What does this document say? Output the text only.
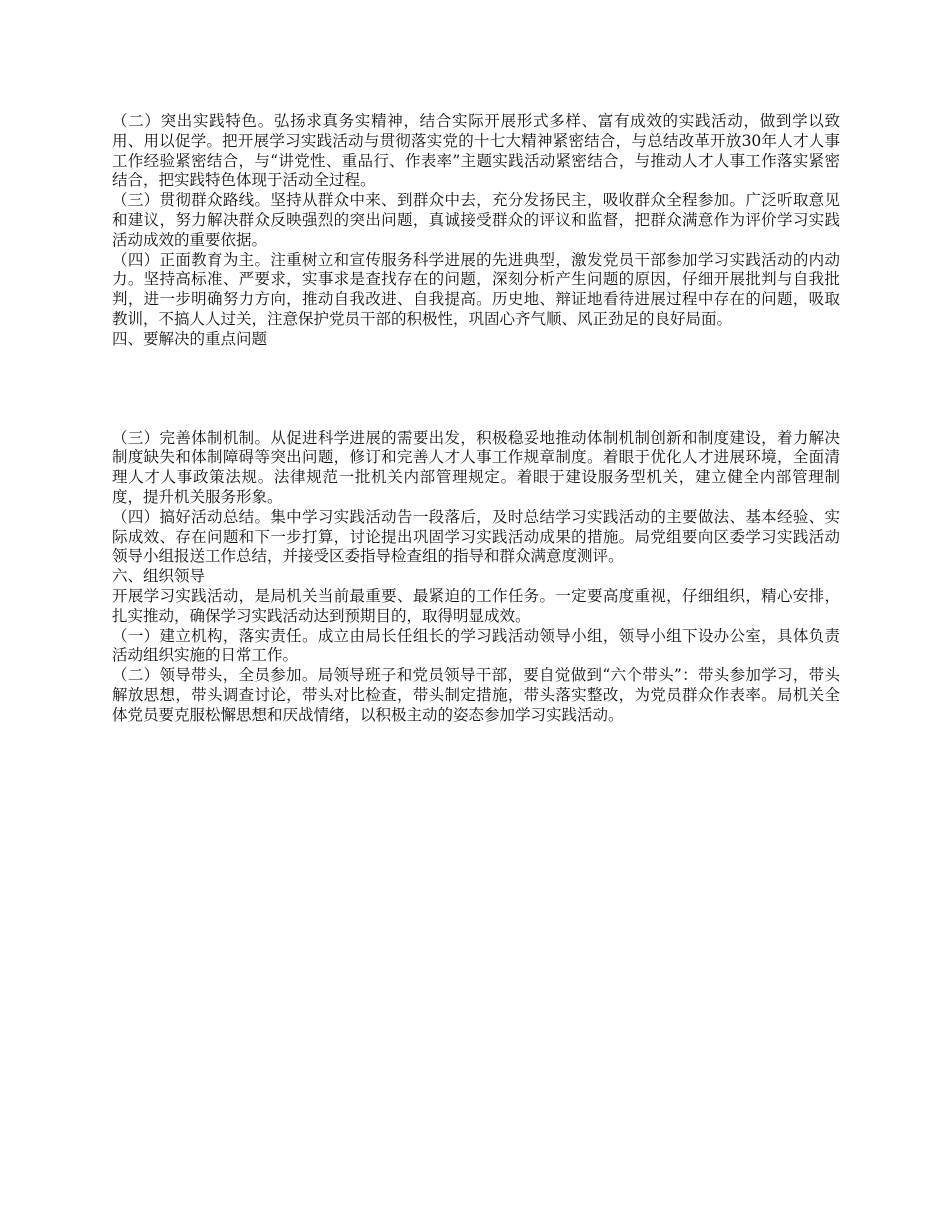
（二）突出实践特色。弘扬求真务实精神，结合实际开展形式多样、富有成效的实践活动，做到学以致用、用以促学。把开展学习实践活动与贯彻落实党的十七大精神紧密结合，与总结改革开放30年人才人事工作经验紧密结合，与“讲党性、重品行、作表率”主题实践活动紧密结合，与推动人才人事工作落实紧密结合，把实践特色体现于活动全过程。

（三）贯彻群众路线。坚持从群众中来、到群众中去，充分发扬民主，吸收群众全程参加。广泛听取意见和建议，努力解决群众反映强烈的突出问题，真诚接受群众的评议和监督，把群众满意作为评价学习实践活动成效的重要依据。

（四）正面教育为主。注重树立和宣传服务科学进展的先进典型，激发党员干部参加学习实践活动的内动力。坚持高标准、严要求，实事求是查找存在的问题，深刻分析产生问题的原因，仔细开展批判与自我批判，进一步明确努力方向，推动自我改进、自我提高。历史地、辩证地看待进展过程中存在的问题，吸取教训，不搞人人过关，注意保护党员干部的积极性，巩固心齐气顺、风正劲足的良好局面。

四、要解决的重点问题

（三）完善体制机制。从促进科学进展的需要出发，积极稳妥地推动体制机制创新和制度建设，着力解决制度缺失和体制障碍等突出问题，修订和完善人才人事工作规章制度。着眼于优化人才进展环境，全面清理人才人事政策法规。法律规范一批机关内部管理规定。着眼于建设服务型机关，建立健全内部管理制度，提升机关服务形象。

（四）搞好活动总结。集中学习实践活动告一段落后，及时总结学习实践活动的主要做法、基本经验、实际成效、存在问题和下一步打算，讨论提出巩固学习实践活动成果的措施。局党组要向区委学习实践活动领导小组报送工作总结，并接受区委指导检查组的指导和群众满意度测评。

六、组织领导

开展学习实践活动，是局机关当前最重要、最紧迫的工作任务。一定要高度重视，仔细组织，精心安排，扎实推动，确保学习实践活动达到预期目的，取得明显成效。

（一）建立机构，落实责任。成立由局长任组长的学习践活动领导小组，领导小组下设办公室，具体负责活动组织实施的日常工作。

（二）领导带头，全员参加。局领导班子和党员领导干部，要自觉做到“六个带头”：带头参加学习，带头解放思想，带头调查讨论，带头对比检查，带头制定措施，带头落实整改，为党员群众作表率。局机关全体党员要克服松懈思想和厌战情绪，以积极主动的姿态参加学习实践活动。
